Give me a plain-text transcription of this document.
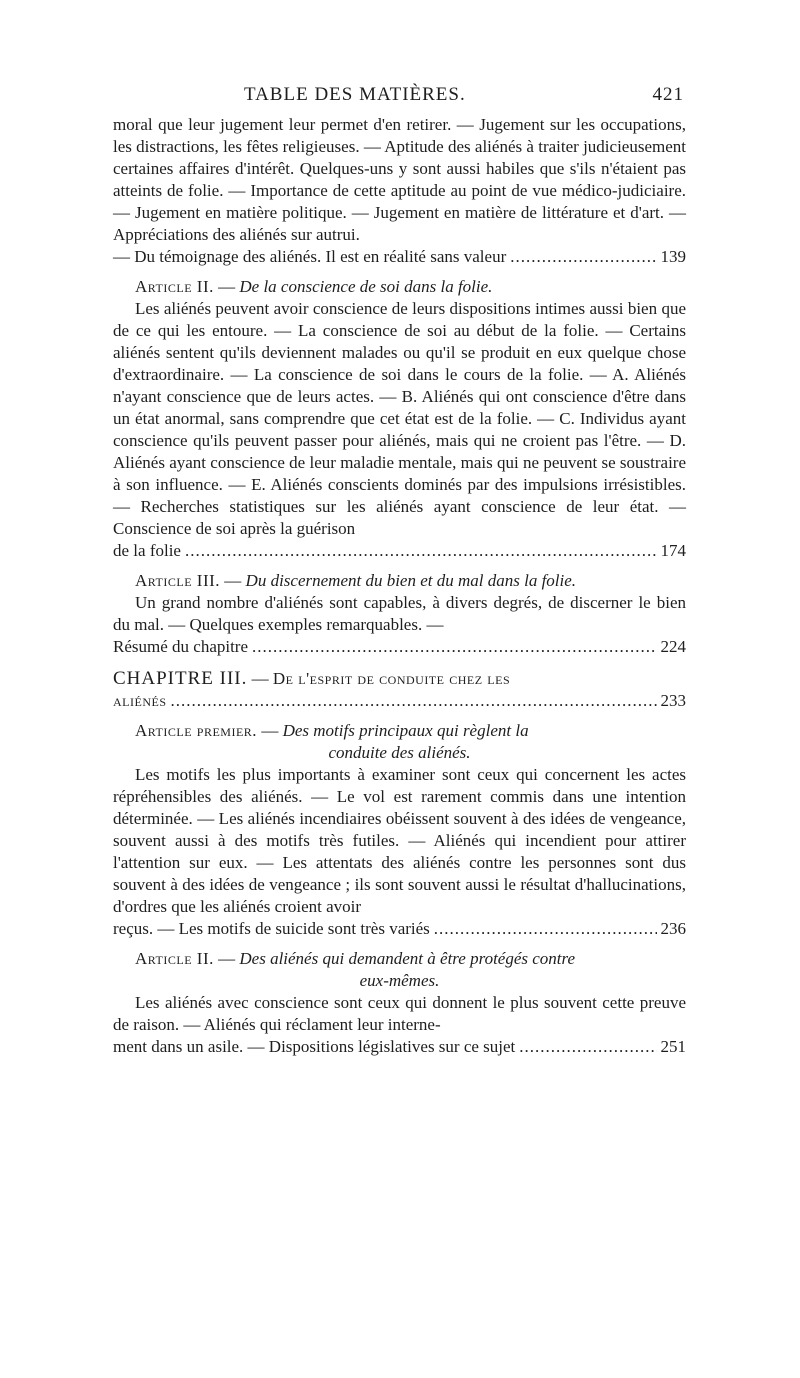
TABLE DES MATIÈRES.	421

moral que leur jugement leur permet d'en retirer. — Jugement sur les occupations, les distractions, les fêtes religieuses. — Aptitude des aliénés à traiter judicieusement certaines affaires d'intérêt. Quelques-uns y sont aussi habiles que s'ils n'étaient pas atteints de folie. — Importance de cette aptitude au point de vue médico-judiciaire. — Jugement en matière politique. — Jugement en matière de littérature et d'art. — Appréciations des aliénés sur autrui.

— Du témoignage des aliénés. Il est en réalité sans valeur .....	139

Article II. — De la conscience de soi dans la folie.

Les aliénés peuvent avoir conscience de leurs dispositions intimes aussi bien que de ce qui les entoure. — La conscience de soi au début de la folie. — Certains aliénés sentent qu'ils deviennent malades ou qu'il se produit en eux quelque chose d'extraordinaire. — La conscience de soi dans le cours de la folie. — A. Aliénés n'ayant conscience que de leurs actes. — B. Aliénés qui ont conscience d'être dans un état anormal, sans comprendre que cet état est de la folie. — C. Individus ayant conscience qu'ils peuvent passer pour aliénés, mais qui ne croient pas l'être. — D. Aliénés ayant conscience de leur maladie mentale, mais qui ne peuvent se soustraire à son influence. — E. Aliénés conscients dominés par des impulsions irrésistibles. — Recherches statistiques sur les aliénés ayant conscience de leur état. — Conscience de soi après la guérison

de la folie .....	174

Article III. — Du discernement du bien et du mal dans la folie.

Un grand nombre d'aliénés sont capables, à divers degrés, de discerner le bien du mal. — Quelques exemples remarquables. —

Résumé du chapitre .....	224
CHAPITRE III. — De l'esprit de conduite chez les
aliénés .....	233

Article premier. — Des motifs principaux qui règlent la

conduite des aliénés.

Les motifs les plus importants à examiner sont ceux qui concernent les actes répréhensibles des aliénés. — Le vol est rarement commis dans une intention déterminée. — Les aliénés incendiaires obéissent souvent à des idées de vengeance, souvent aussi à des motifs très futiles. — Aliénés qui incendient pour attirer l'attention sur eux. — Les attentats des aliénés contre les personnes sont dus souvent à des idées de vengeance ; ils sont souvent aussi le résultat d'hallucinations, d'ordres que les aliénés croient avoir

reçus. — Les motifs de suicide sont très variés .....	236

Article II. — Des aliénés qui demandent à être protégés contre

eux-mêmes.

Les aliénés avec conscience sont ceux qui donnent le plus souvent cette preuve de raison. — Aliénés qui réclament leur interne-

ment dans un asile. — Dispositions législatives sur ce sujet .....	251
